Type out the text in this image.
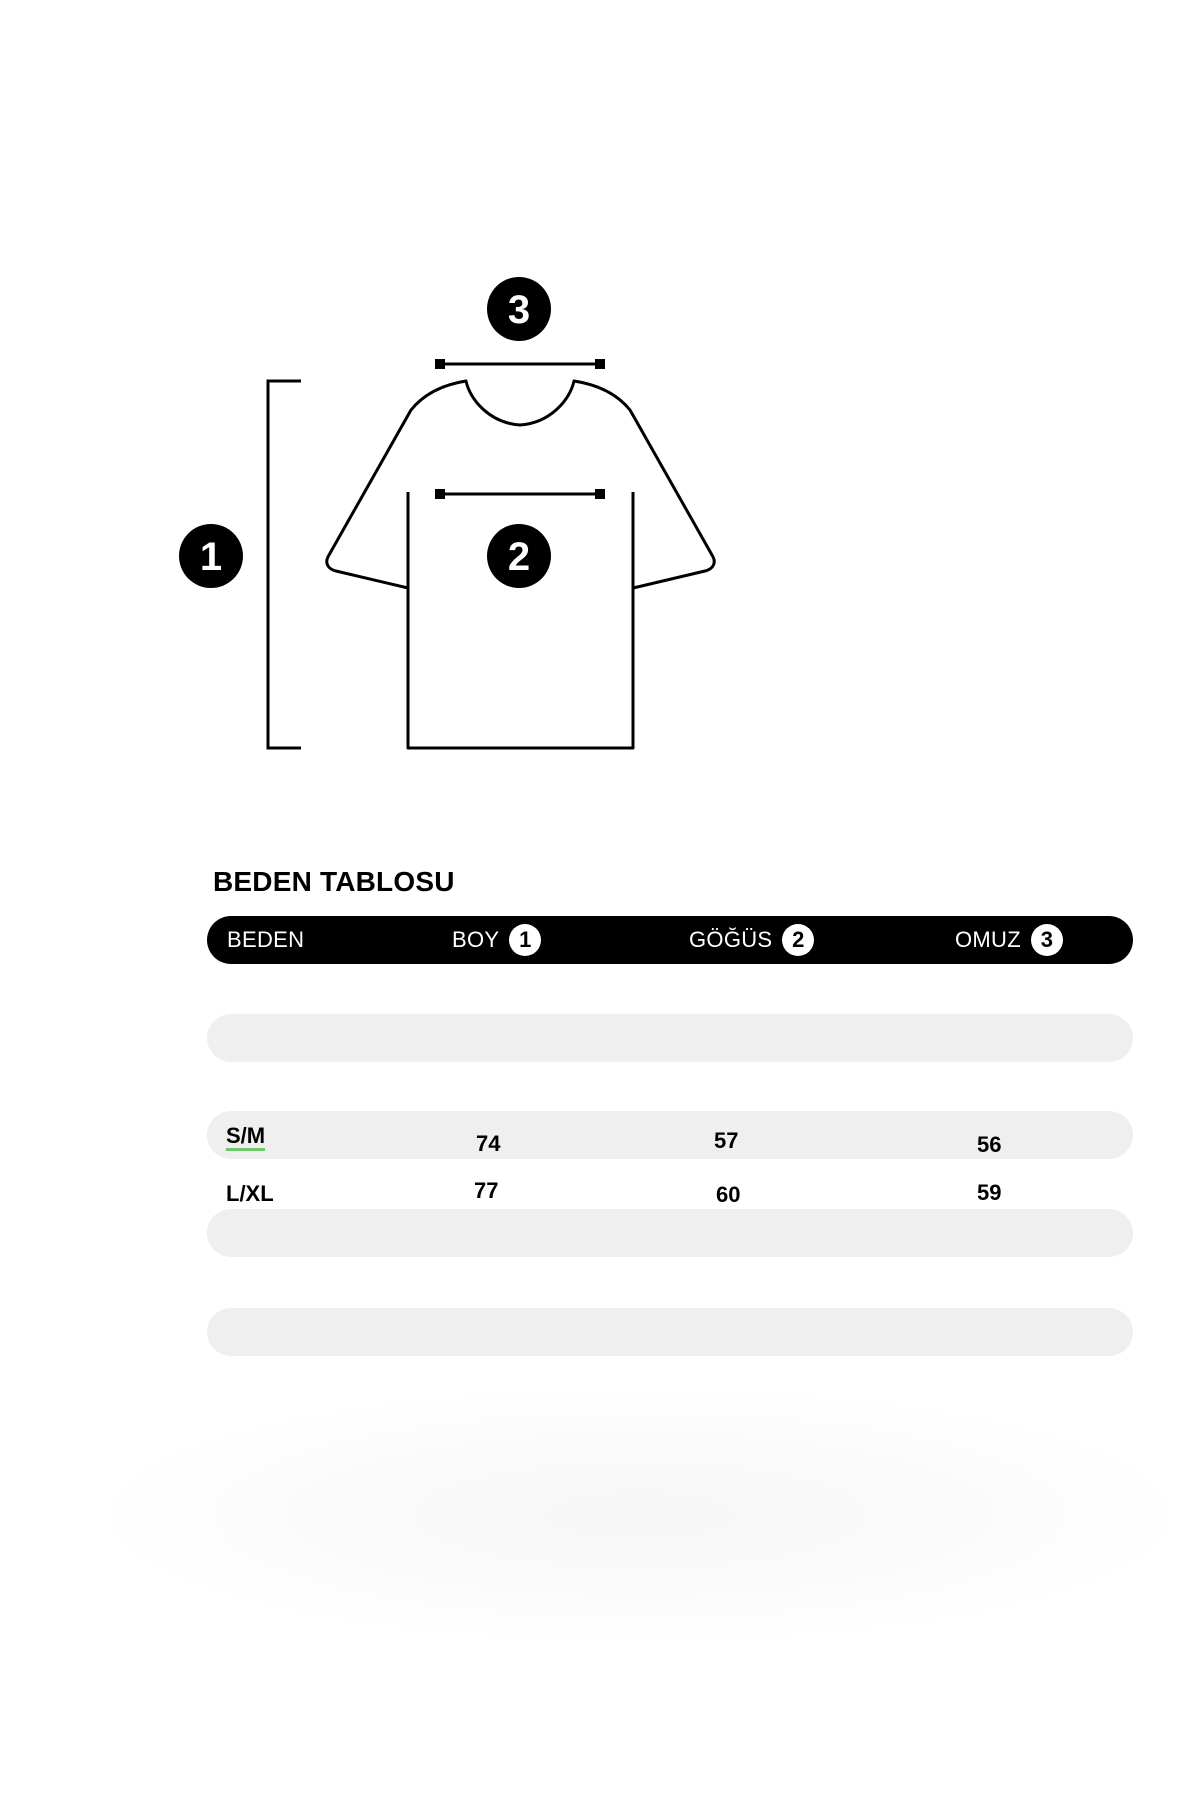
1	2
3
BEDEN TABLOSU
BEDEN	BOY 1	GÖĞÜS 2	OMUZ 3
S/M	74	57	56
L/XL	77	60	59
